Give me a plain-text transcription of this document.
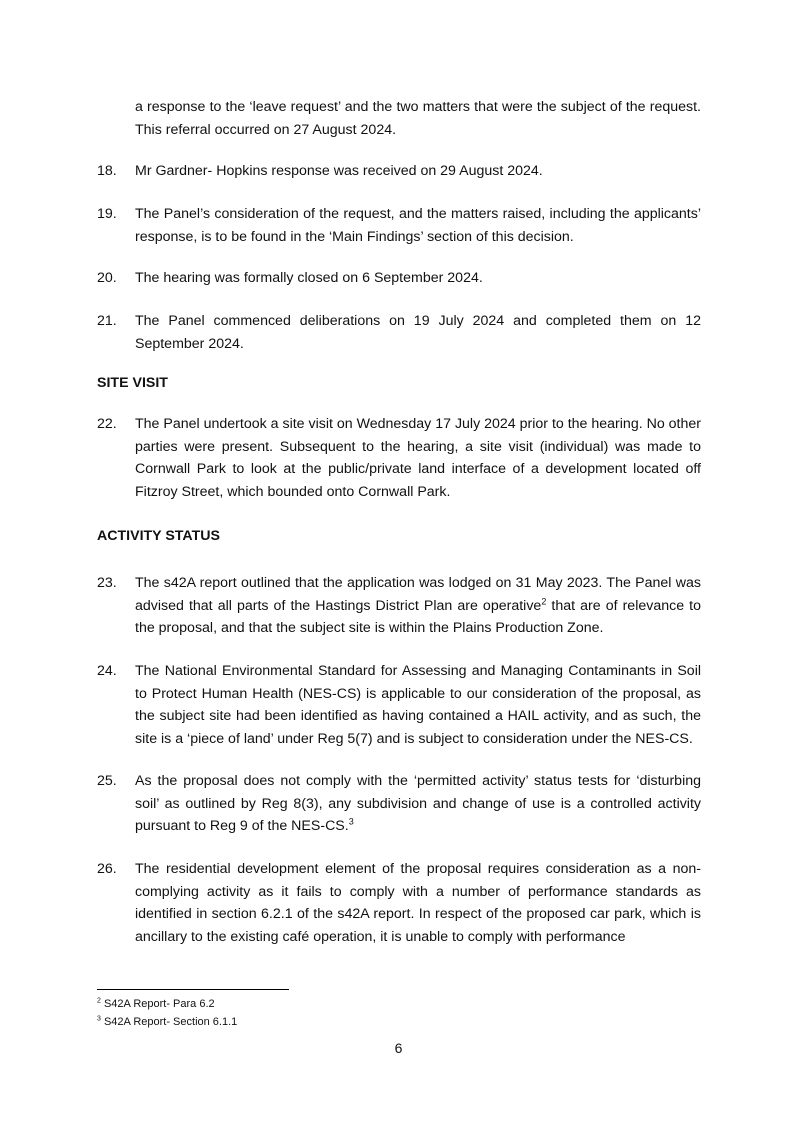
a response to the ‘leave request’ and the two matters that were the subject of the request. This referral occurred on 27 August 2024.

18.	Mr Gardner- Hopkins response was received on 29 August 2024.
19.	The Panel’s consideration of the request, and the matters raised, including the applicants’ response, is to be found in the ‘Main Findings’ section of this decision.
20.	The hearing was formally closed on 6 September 2024.
21.	The Panel commenced deliberations on 19 July 2024 and completed them on 12 September 2024.
SITE VISIT
22.	The Panel undertook a site visit on Wednesday 17 July 2024 prior to the hearing. No other parties were present. Subsequent to the hearing, a site visit (individual) was made to Cornwall Park to look at the public/private land interface of a development located off Fitzroy Street, which bounded onto Cornwall Park.
ACTIVITY STATUS
23.	The s42A report outlined that the application was lodged on 31 May 2023. The Panel was advised that all parts of the Hastings District Plan are operative$^2$ that are of relevance to the proposal, and that the subject site is within the Plains Production Zone.
24.	The National Environmental Standard for Assessing and Managing Contaminants in Soil to Protect Human Health (NES-CS) is applicable to our consideration of the proposal, as the subject site had been identified as having contained a HAIL activity, and as such, the site is a ‘piece of land’ under Reg 5(7) and is subject to consideration under the NES-CS.
25.	As the proposal does not comply with the ‘permitted activity’ status tests for ‘disturbing soil’ as outlined by Reg 8(3), any subdivision and change of use is a controlled activity pursuant to Reg 9 of the NES-CS.$^3$
26.	The residential development element of the proposal requires consideration as a non-complying activity as it fails to comply with a number of performance standards as identified in section 6.2.1 of the s42A report. In respect of the proposed car park, which is ancillary to the existing café operation, it is unable to comply with performance
$^2$ S42A Report- Para 6.2
$^3$ S42A Report- Section 6.1.1
6
